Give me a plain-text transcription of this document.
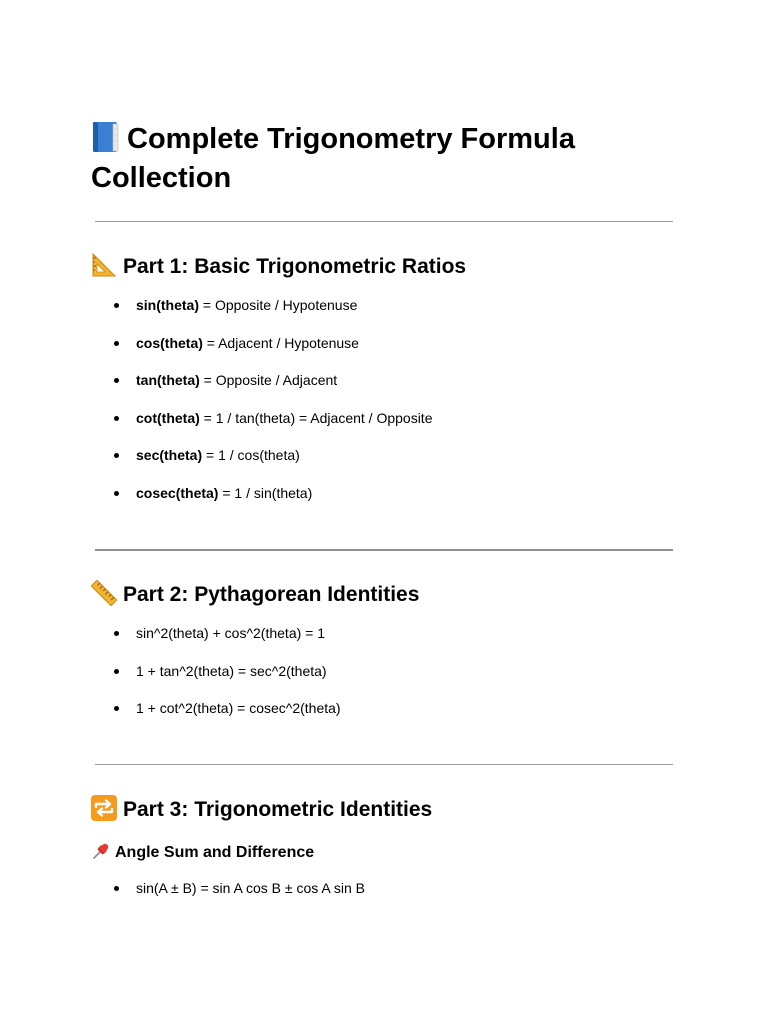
Complete Trigonometry Formula Collection
Part 1: Basic Trigonometric Ratios
sin(theta) = Opposite / Hypotenuse
cos(theta) = Adjacent / Hypotenuse
tan(theta) = Opposite / Adjacent
cot(theta) = 1 / tan(theta) = Adjacent / Opposite
sec(theta) = 1 / cos(theta)
cosec(theta) = 1 / sin(theta)
Part 2: Pythagorean Identities
sin^2(theta) + cos^2(theta) = 1
1 + tan^2(theta) = sec^2(theta)
1 + cot^2(theta) = cosec^2(theta)
Part 3: Trigonometric Identities
Angle Sum and Difference
sin(A ± B) = sin A cos B ± cos A sin B
